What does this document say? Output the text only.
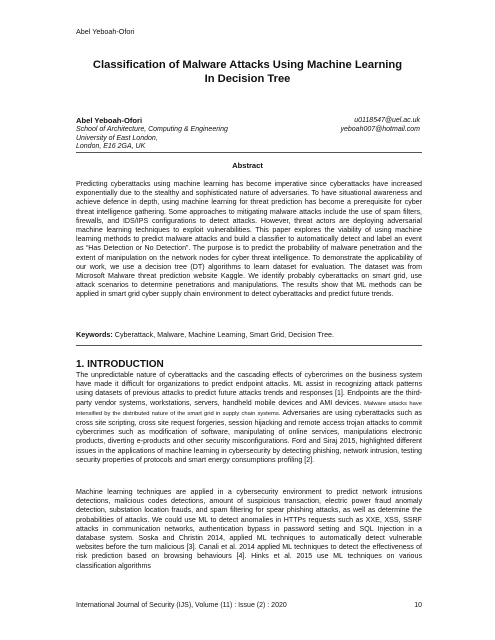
Abel Yeboah-Ofori
Classification of Malware Attacks Using Machine Learning
In Decision Tree
Abel Yeboah-Ofori
School of Architecture, Computing & Engineering
University of East London,
London, E16 2GA, UK
u0118547@uel.ac.uk
yeboah007@hotmail.com
Abstract
Predicting cyberattacks using machine learning has become imperative since cyberattacks have increased exponentially due to the stealthy and sophisticated nature of adversaries. To have situational awareness and achieve defence in depth, using machine learning for threat prediction has become a prerequisite for cyber threat intelligence gathering. Some approaches to mitigating malware attacks include the use of spam filters, firewalls, and IDS/IPS configurations to detect attacks. However, threat actors are deploying adversarial machine learning techniques to exploit vulnerabilities. This paper explores the viability of using machine learning methods to predict malware attacks and build a classifier to automatically detect and label an event as “Has Detection or No Detection”. The purpose is to predict the probability of malware penetration and the extent of manipulation on the network nodes for cyber threat intelligence. To demonstrate the applicability of our work, we use a decision tree (DT) algorithms to learn dataset for evaluation. The dataset was from Microsoft Malware threat prediction website Kaggle. We identify probably cyberattacks on smart grid, use attack scenarios to determine penetrations and manipulations. The results show that ML methods can be applied in smart grid cyber supply chain environment to detect cyberattacks and predict future trends.
Keywords: Cyberattack, Malware, Machine Learning, Smart Grid, Decision Tree.
1. INTRODUCTION
The unpredictable nature of cyberattacks and the cascading effects of cybercrimes on the business system have made it difficult for organizations to predict endpoint attacks. ML assist in recognizing attack patterns using datasets of previous attacks to predict future attacks trends and responses [1]. Endpoints are the third-party vendor systems, workstations, servers, handheld mobile devices and AMI devices. Malware attacks have intensified by the distributed nature of the smart grid in supply chain systems. Adversaries are using cyberattacks such as cross site scripting, cross site request forgeries, session hijacking and remote access trojan attacks to commit cybercrimes such as modification of software, manipulating of online services, manipulations electronic products, diverting e-products and other security misconfigurations. Ford and Siraj 2015, highlighted different issues in the applications of machine learning in cybersecurity by detecting phishing, network intrusion, testing security properties of protocols and smart energy consumptions profiling [2].
Machine learning techniques are applied in a cybersecurity environment to predict network intrusions detections, malicious codes detections, amount of suspicious transaction, electric power fraud anomaly detection, substation location frauds, and spam filtering for spear phishing attacks, as well as determine the probabilities of attacks. We could use ML to detect anomalies in HTTPs requests such as XXE, XSS, SSRF attacks in communication networks, authentication bypass in password setting and SQL Injection in a database system. Soska and Christin 2014, applied ML techniques to automatically detect vulnerable websites before the turn malicious [3]. Canali et al. 2014 applied ML techniques to detect the effectiveness of risk prediction based on browsing behaviours [4]. Hinks et al. 2015 use ML techniques on various classification algorithms
International Journal of Security (IJS), Volume (11) : Issue (2) : 2020	10
